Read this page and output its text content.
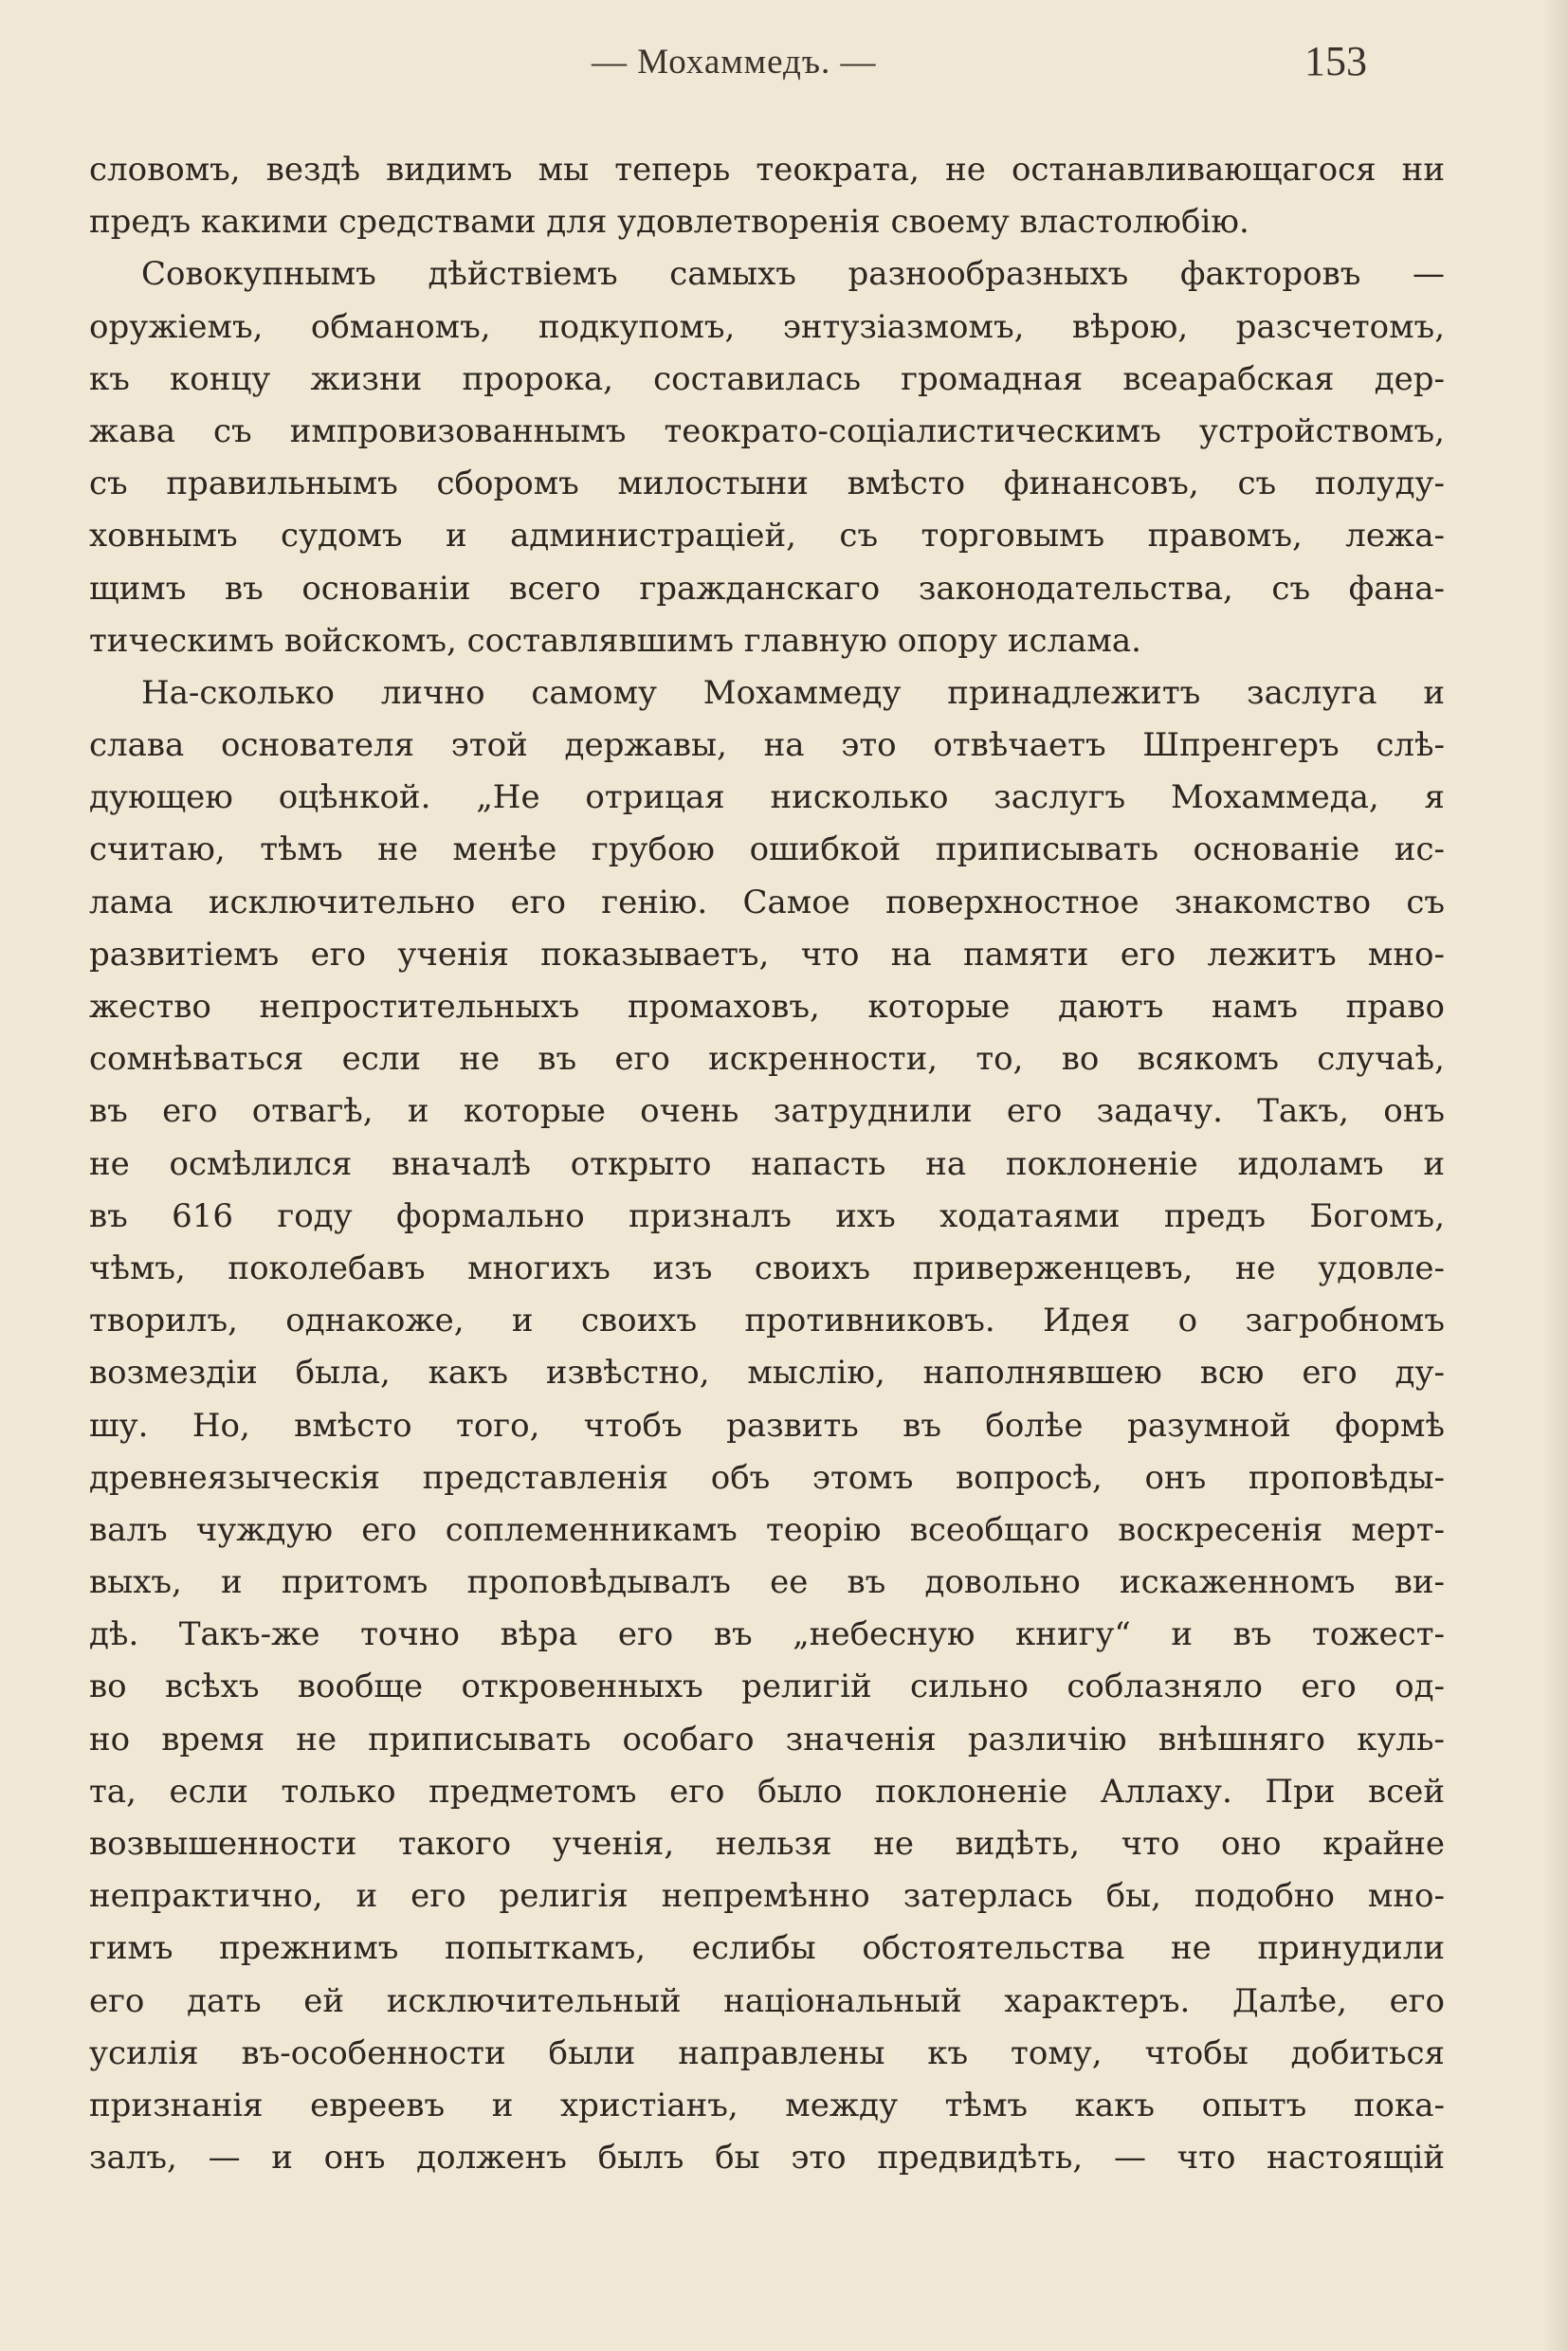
— Мохаммедъ. —	153
словомъ, вездѣ видимъ мы теперь теократа, не останавливающагося ни
предъ какими средствами для удовлетворенія своему властолюбію.
Совокупнымъ дѣйствіемъ самыхъ разнообразныхъ факторовъ —
оружіемъ, обманомъ, подкупомъ, энтузіазмомъ, вѣрою, разсчетомъ,
къ концу жизни пророка, составилась громадная всеарабская дер-
жава съ импровизованнымъ теократо-соціалистическимъ устройствомъ,
съ правильнымъ сборомъ милостыни вмѣсто финансовъ, съ полуду-
ховнымъ судомъ и администраціей, съ торговымъ правомъ, лежа-
щимъ въ основаніи всего гражданскаго законодательства, съ фана-
тическимъ войскомъ, составлявшимъ главную опору ислама.
На-сколько лично самому Мохаммеду принадлежитъ заслуга и
слава основателя этой державы, на это отвѣчаетъ Шпренгеръ слѣ-
дующею оцѣнкой. „Не отрицая нисколько заслугъ Мохаммеда, я
считаю, тѣмъ не менѣе грубою ошибкой приписывать основаніе ис-
лама исключительно его генію. Самое поверхностное знакомство съ
развитіемъ его ученія показываетъ, что на памяти его лежитъ мно-
жество непростительныхъ промаховъ, которые даютъ намъ право
сомнѣваться если не въ его искренности, то, во всякомъ случаѣ,
въ его отвагѣ, и которые очень затруднили его задачу. Такъ, онъ
не осмѣлился вначалѣ открыто напасть на поклоненіе идоламъ и
въ 616 году формально призналъ ихъ ходатаями предъ Богомъ,
чѣмъ, поколебавъ многихъ изъ своихъ приверженцевъ, не удовле-
творилъ, однакоже, и своихъ противниковъ. Идея о загробномъ
возмездіи была, какъ извѣстно, мыслію, наполнявшею всю его ду-
шу. Но, вмѣсто того, чтобъ развить въ болѣе разумной формѣ
древнеязыческія представленія объ этомъ вопросѣ, онъ проповѣды-
валъ чуждую его соплеменникамъ теорію всеобщаго воскресенія мерт-
выхъ, и притомъ проповѣдывалъ ее въ довольно искаженномъ ви-
дѣ. Такъ-же точно вѣра его въ „небесную книгу“ и въ тожест-
во всѣхъ вообще откровенныхъ религій сильно соблазняло его од-
но время не приписывать особаго значенія различію внѣшняго куль-
та, если только предметомъ его было поклоненіе Аллаху. При всей
возвышенности такого ученія, нельзя не видѣть, что оно крайне
непрактично, и его религія непремѣнно затерлась бы, подобно мно-
гимъ прежнимъ попыткамъ, еслибы обстоятельства не принудили
его дать ей исключительный національный характеръ. Далѣе, его
усилія въ-особенности были направлены къ тому, чтобы добиться
признанія евреевъ и христіанъ, между тѣмъ какъ опытъ пока-
залъ, — и онъ долженъ былъ бы это предвидѣть, — что настоящій
